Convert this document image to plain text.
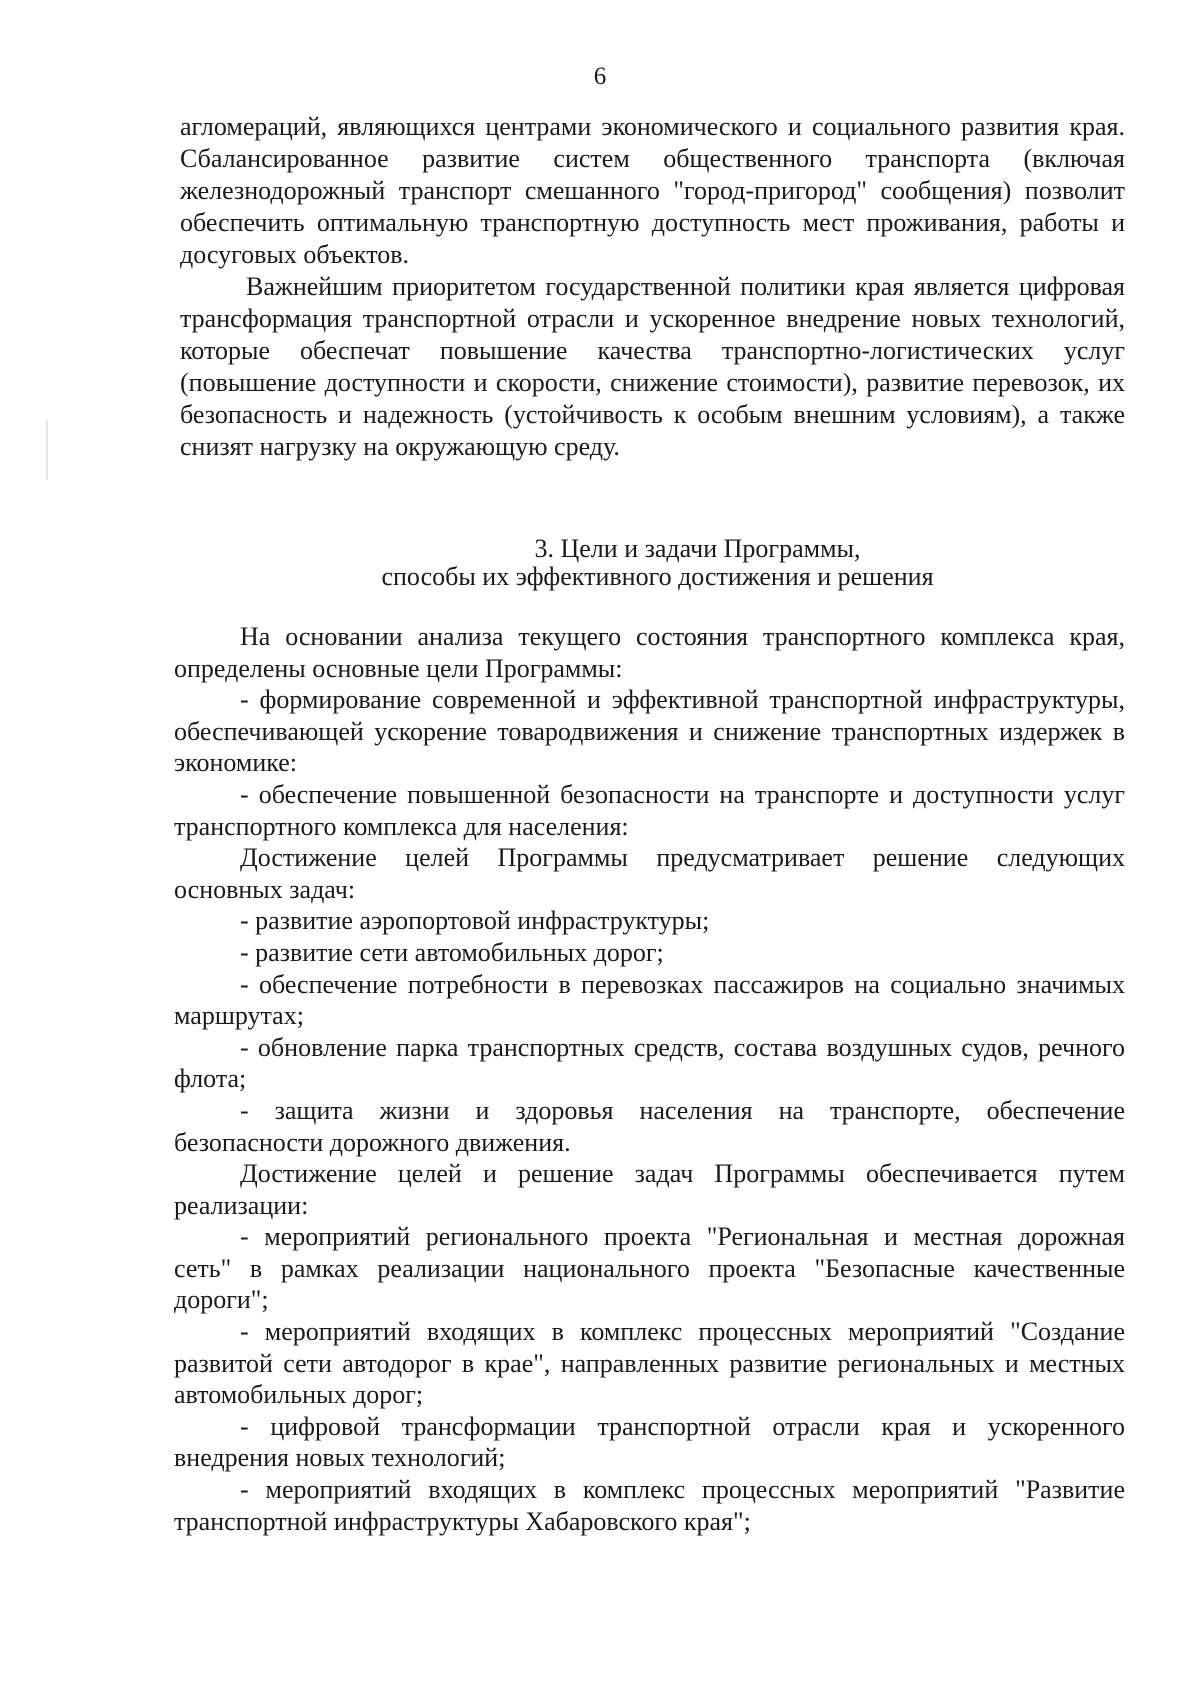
6

агломераций, являющихся центрами экономического и социального развития края. Сбалансированное развитие систем общественного транспорта (включая железнодорожный транспорт смешанного "город-пригород" сообщения) позволит обеспечить оптимальную транспортную доступность мест проживания, работы и досуговых объектов.

Важнейшим приоритетом государственной политики края является цифровая трансформация транспортной отрасли и ускоренное внедрение новых технологий, которые обеспечат повышение качества транспортно-логистических услуг (повышение доступности и скорости, снижение стоимости), развитие перевозок, их безопасность и надежность (устойчивость к особым внешним условиям), а также снизят нагрузку на окружающую среду.

3. Цели и задачи Программы,
способы их эффективного достижения и решения

На основании анализа текущего состояния транспортного комплекса края, определены основные цели Программы:

- формирование современной и эффективной транспортной инфраструктуры, обеспечивающей ускорение товародвижения и снижение транспортных издержек в экономике:

- обеспечение повышенной безопасности на транспорте и доступности услуг транспортного комплекса для населения:

Достижение целей Программы предусматривает решение следующих основных задач:

- развитие аэропортовой инфраструктуры;

- развитие сети автомобильных дорог;

- обеспечение потребности в перевозках пассажиров на социально значимых маршрутах;

- обновление парка транспортных средств, состава воздушных судов, речного флота;

- защита жизни и здоровья населения на транспорте, обеспечение безопасности дорожного движения.

Достижение целей и решение задач Программы обеспечивается путем реализации:

- мероприятий регионального проекта "Региональная и местная дорожная сеть" в рамках реализации национального проекта "Безопасные качественные дороги";

- мероприятий входящих в комплекс процессных мероприятий "Создание развитой сети автодорог в крае", направленных развитие региональных и местных автомобильных дорог;

- цифровой трансформации транспортной отрасли края и ускоренного внедрения новых технологий;

- мероприятий входящих в комплекс процессных мероприятий "Развитие транспортной инфраструктуры Хабаровского края";
